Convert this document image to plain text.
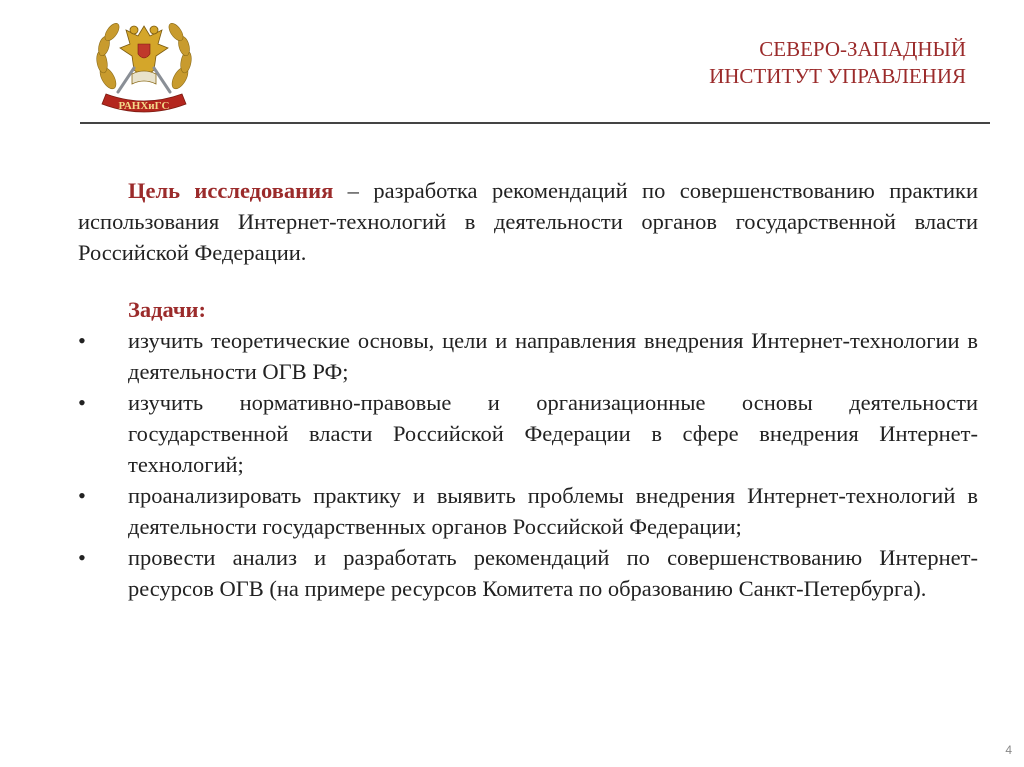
РАНХиГС
СЕВЕРО-ЗАПАДНЫЙ
ИНСТИТУТ УПРАВЛЕНИЯ

Цель исследования – разработка рекомендаций по совершенствованию практики использования Интернет-технологий в деятельности органов государственной власти Российской Федерации.

Задачи:
• изучить теоретические основы, цели и направления внедрения Интернет-технологии в деятельности ОГВ РФ;
• изучить нормативно-правовые и организационные основы деятельности государственной власти Российской Федерации в сфере внедрения Интернет-технологий;
• проанализировать практику и выявить проблемы внедрения Интернет-технологий в деятельности государственных органов Российской Федерации;
• провести анализ и разработать рекомендаций по совершенствованию Интернет-ресурсов ОГВ (на примере ресурсов Комитета по образованию Санкт-Петербурга).
4
